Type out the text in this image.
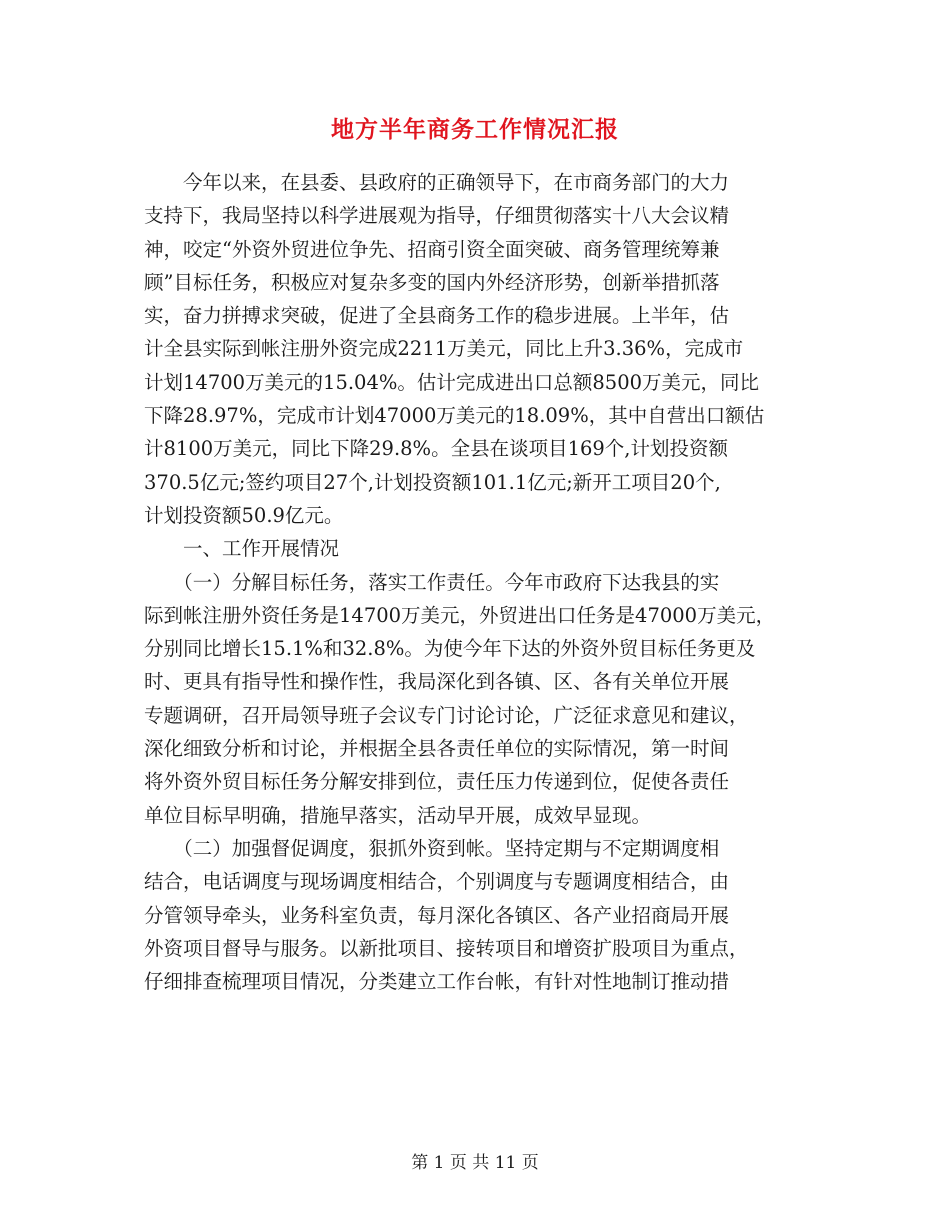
地方半年商务工作情况汇报
　　今年以来，在县委、县政府的正确领导下，在市商务部门的大力
支持下，我局坚持以科学进展观为指导，仔细贯彻落实十八大会议精
神，咬定“外资外贸进位争先、招商引资全面突破、商务管理统筹兼
顾”目标任务，积极应对复杂多变的国内外经济形势，创新举措抓落
实，奋力拼搏求突破，促进了全县商务工作的稳步进展。上半年，估
计全县实际到帐注册外资完成2211万美元，同比上升3.36%，完成市
计划14700万美元的15.04%。估计完成进出口总额8500万美元，同比
下降28.97%，完成市计划47000万美元的18.09%，其中自营出口额估
计8100万美元，同比下降29.8%。全县在谈项目169个,计划投资额
370.5亿元;签约项目27个,计划投资额101.1亿元;新开工项目20个,
计划投资额50.9亿元。
　　一、工作开展情况
　　（一）分解目标任务，落实工作责任。今年市政府下达我县的实
际到帐注册外资任务是14700万美元，外贸进出口任务是47000万美元，
分别同比增长15.1%和32.8%。为使今年下达的外资外贸目标任务更及
时、更具有指导性和操作性，我局深化到各镇、区、各有关单位开展
专题调研，召开局领导班子会议专门讨论讨论，广泛征求意见和建议，
深化细致分析和讨论，并根据全县各责任单位的实际情况，第一时间
将外资外贸目标任务分解安排到位，责任压力传递到位，促使各责任
单位目标早明确，措施早落实，活动早开展，成效早显现。
　　（二）加强督促调度，狠抓外资到帐。坚持定期与不定期调度相
结合，电话调度与现场调度相结合，个别调度与专题调度相结合，由
分管领导牵头，业务科室负责，每月深化各镇区、各产业招商局开展
外资项目督导与服务。以新批项目、接转项目和增资扩股项目为重点，
仔细排查梳理项目情况，分类建立工作台帐，有针对性地制订推动措
第 1 页 共 11 页
